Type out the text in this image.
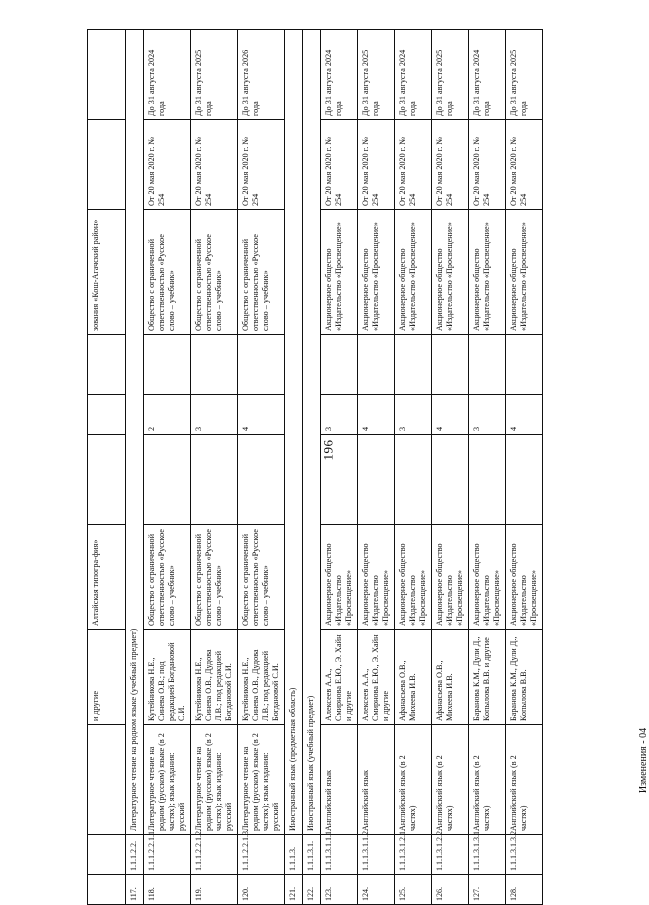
196
			и другие	Алтайская типогра-фия»				зования «Кош-Агачский район»		
117.	1.1.1.2.2.	Литературное чтение на родном языке (учебный предмет)								
118.	1.1.1.2.2.1.1.	Литературное чтение на родном (русском) языке (в 2 частях); язык издания: русский	Кутейникова Н.Е., Синева О.В.; под редакцией Богдановой С.И.	Общество с ограниченной ответственностью «Русское слово – учебник»		2		Общество с ограниченной ответственностью «Русское слово – учебник»	От 20 мая 2020 г. № 254	До 31 августа 2024 года
119.	1.1.1.2.2.1.2.	Литературное чтение на родном (русском) языке (в 2 частях); язык издания: русский	Кутейникова Н.Е., Синева О.В., Дудова Л.В.; под редакцией Богдановой С.И.	Общество с ограниченной ответственностью «Русское слово – учебник»		3		Общество с ограниченной ответственностью «Русское слово – учебник»	От 20 мая 2020 г. № 254	До 31 августа 2025 года
120.	1.1.1.2.2.1.3.	Литературное чтение на родном (русском) языке (в 2 частях); язык издания: русский	Кутейникова Н.Е., Синева О.В., Дудова Л.В.; под редакцией Богдановой С.И.	Общество с ограниченной ответственностью «Русское слово – учебник»		4		Общество с ограниченной ответственностью «Русское слово – учебник»	От 20 мая 2020 г. № 254	До 31 августа 2026 года
121.	1.1.1.3.	Иностранный язык (предметная область)								
122.	1.1.1.3.1.	Иностранный язык (учебный предмет)								
123.	1.1.1.3.1.1.1.	Английский язык	Алексеев А.А., Смирнова Е.Ю., Э. Хайн и другие	Акционерное общество «Издательство «Просвещение»		3		Акционерное общество «Издательство «Просвещение»	От 20 мая 2020 г. № 254	До 31 августа 2024 года
124.	1.1.1.3.1.1.2.	Английский язык	Алексеев А.А., Смирнова Е.Ю., Э. Хайн и другие	Акционерное общество «Издательство «Просвещение»		4		Акционерное общество «Издательство «Просвещение»	От 20 мая 2020 г. № 254	До 31 августа 2025 года
125.	1.1.1.3.1.2.1.	Английский язык (в 2 частях)	Афанасьева О.В., Михеева И.В.	Акционерное общество «Издательство «Просвещение»		3		Акционерное общество «Издательство «Просвещение»	От 20 мая 2020 г. № 254	До 31 августа 2024 года
126.	1.1.1.3.1.2.2.	Английский язык (в 2 частях)	Афанасьева О.В., Михеева И.В.	Акционерное общество «Издательство «Просвещение»		4		Акционерное общество «Издательство «Просвещение»	От 20 мая 2020 г. № 254	До 31 августа 2025 года
127.	1.1.1.3.1.3.1.	Английский язык (в 2 частях)	Баранова К.М., Дули Д., Копылова В.В. и другие	Акционерное общество «Издательство «Просвещение»		3		Акционерное общество «Издательство «Просвещение»	От 20 мая 2020 г. № 254	До 31 августа 2024 года
128.	1.1.1.3.1.3.2.	Английский язык (в 2 частях)	Баранова К.М., Дули Д., Копылова В.В.	Акционерное общество «Издательство «Просвещение»		4		Акционерное общество «Издательство «Просвещение»	От 20 мая 2020 г. № 254	До 31 августа 2025 года
Изменения - 04
